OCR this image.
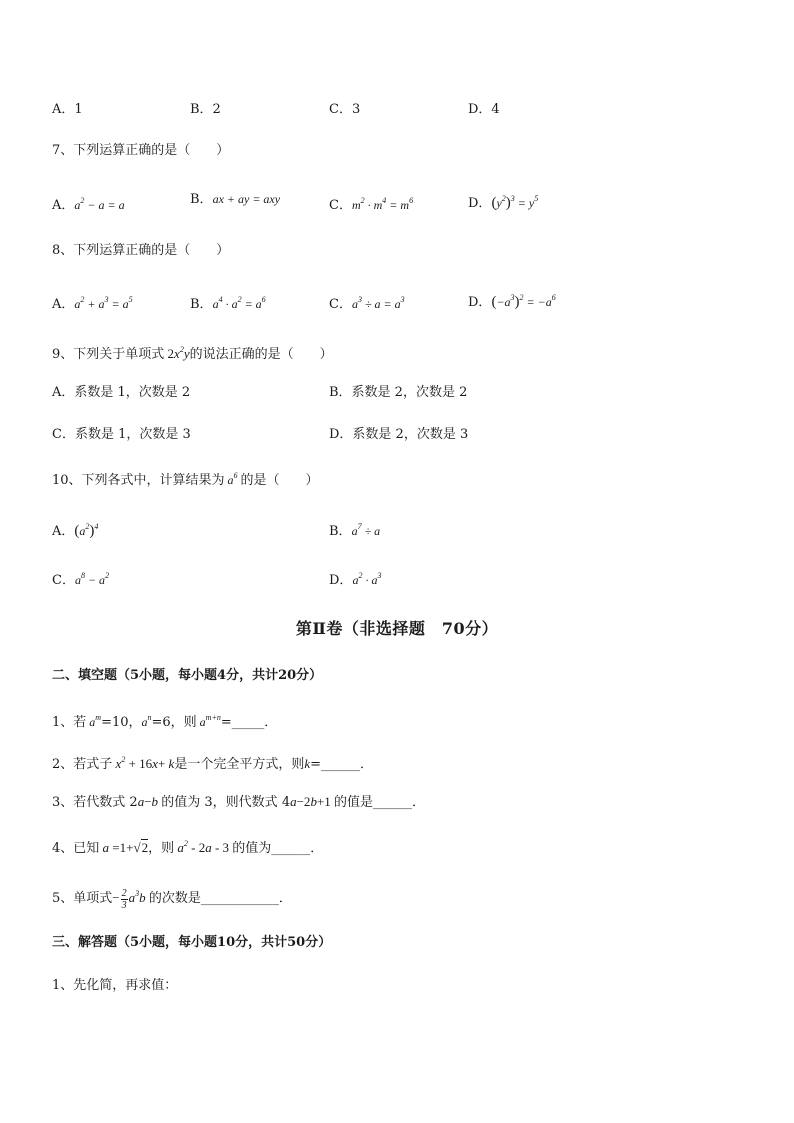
A．1	B．2	C．3	D．4
7、下列运算正确的是（　　）
A．$a^2 - a = a$	B．ax + ay = axy	C．$m^2 \cdot m^4 = m^6$	D．$(y^2)^3 = y^5$
8、下列运算正确的是（　　）
A．$a^2 + a^3 = a^5$	B．$a^4 \cdot a^2 = a^6$	C．$a^3 \div a = a^3$	D．$(-a^3)^2 = -a^6$
9、下列关于单项式 $2x^2y$的说法正确的是（　　）
A．系数是 1，次数是 2	B．系数是 2，次数是 2
C．系数是 1，次数是 3	D．系数是 2，次数是 3
10、下列各式中，计算结果为 $a^6$ 的是（　　）
A．$(a^2)^4$	B．$a^7 \div a$
C．$a^8 - a^2$	D．$a^2 \cdot a^3$
第Ⅱ卷（非选择题　70分）
二、填空题（5小题，每小题4分，共计20分）
1、若 $a^m=10$，$a^n=6$，则 $a^{m+n}=\_\_\_\_\_$．
2、若式子 $x^2 + 16x+ k$是一个完全平方式，则k=______．
3、若代数式 2a−b 的值为 3，则代数式 4a−2b+1 的值是______．
4、已知 a =1+√2，则 $a^2 - 2a - 3$ 的值为______．
5、单项式− $\frac{2}{3} a^3b$ 的次数是____________．
三、解答题（5小题，每小题10分，共计50分）
1、先化简，再求值：
